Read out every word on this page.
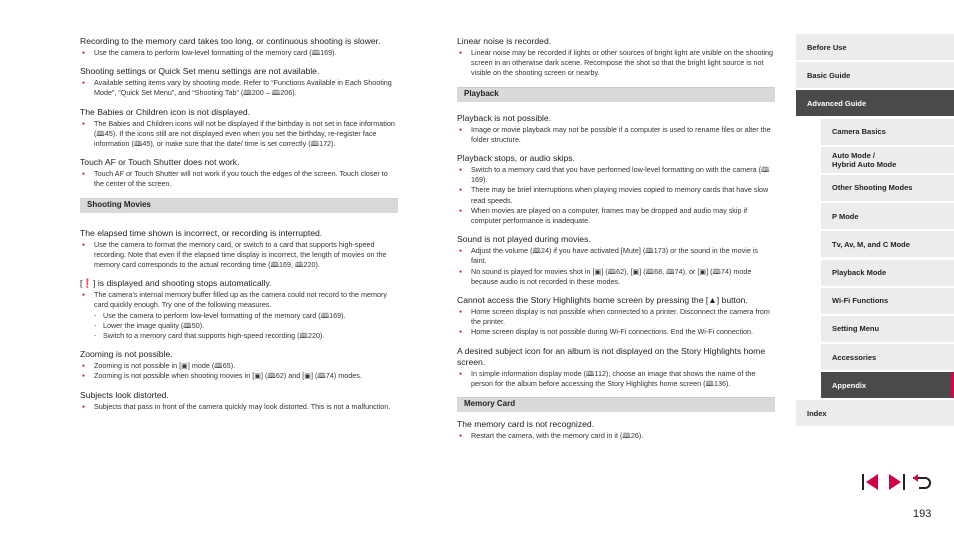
Recording to the memory card takes too long, or continuous shooting is slower.
● Use the camera to perform low-level formatting of the memory card (🕮169).
Shooting settings or Quick Set menu settings are not available.
● Available setting items vary by shooting mode. Refer to “Functions Available in Each Shooting Mode”, “Quick Set Menu”, and “Shooting Tab” (🕮200 – 🕮206).
The Babies or Children icon is not displayed.
● The Babies and Children icons will not be displayed if the birthday is not set in face information (🕮45). If the icons still are not displayed even when you set the birthday, re-register face information (🕮45), or make sure that the date/ time is set correctly (🕮172).
Touch AF or Touch Shutter does not work.
● Touch AF or Touch Shutter will not work if you touch the edges of the screen. Touch closer to the center of the screen.
Shooting Movies
The elapsed time shown is incorrect, or recording is interrupted.
● Use the camera to format the memory card, or switch to a card that supports high-speed recording. Note that even if the elapsed time display is incorrect, the length of movies on the memory card corresponds to the actual recording time (🕮169, 🕮220).
[❗] is displayed and shooting stops automatically.
● The camera’s internal memory buffer filled up as the camera could not record to the memory card quickly enough. Try one of the following measures.
- Use the camera to perform low-level formatting of the memory card (🕮169).
- Lower the image quality (🕮50).
- Switch to a memory card that supports high-speed recording (🕮220).
Zooming is not possible.
● Zooming is not possible in [▣] mode (🕮65).
● Zooming is not possible when shooting movies in [▣] (🕮62) and [▣] (🕮74) modes.
Subjects look distorted.
● Subjects that pass in front of the camera quickly may look distorted. This is not a malfunction.
Linear noise is recorded.
● Linear noise may be recorded if lights or other sources of bright light are visible on the shooting screen in an otherwise dark scene. Recompose the shot so that the bright light source is not visible on the shooting screen or nearby.
Playback
Playback is not possible.
● Image or movie playback may not be possible if a computer is used to rename files or alter the folder structure.
Playback stops, or audio skips.
● Switch to a memory card that you have performed low-level formatting on with the camera (🕮169).
● There may be brief interruptions when playing movies copied to memory cards that have slow read speeds.
● When movies are played on a computer, frames may be dropped and audio may skip if computer performance is inadequate.
Sound is not played during movies.
● Adjust the volume (🕮24) if you have activated [Mute] (🕮173) or the sound in the movie is faint.
● No sound is played for movies shot in [▣] (🕮62), [▣] (🕮68, 🕮74), or [▣] (🕮74) mode because audio is not recorded in these modes.
Cannot access the Story Highlights home screen by pressing the [▲] button.
● Home screen display is not possible when connected to a printer. Disconnect the camera from the printer.
● Home screen display is not possible during Wi-Fi connections. End the Wi-Fi connection.
A desired subject icon for an album is not displayed on the Story Highlights home screen.
● In simple information display mode (🕮112), choose an image that shows the name of the person for the album before accessing the Story Highlights home screen (🕮136).
Memory Card
The memory card is not recognized.
● Restart the camera, with the memory card in it (🕮26).
Before Use
Basic Guide
Advanced Guide
Camera Basics
Auto Mode /
Hybrid Auto Mode
Other Shooting Modes
P Mode
Tv, Av, M, and C Mode
Playback Mode
Wi-Fi Functions
Setting Menu
Accessories
Appendix
Index
193
